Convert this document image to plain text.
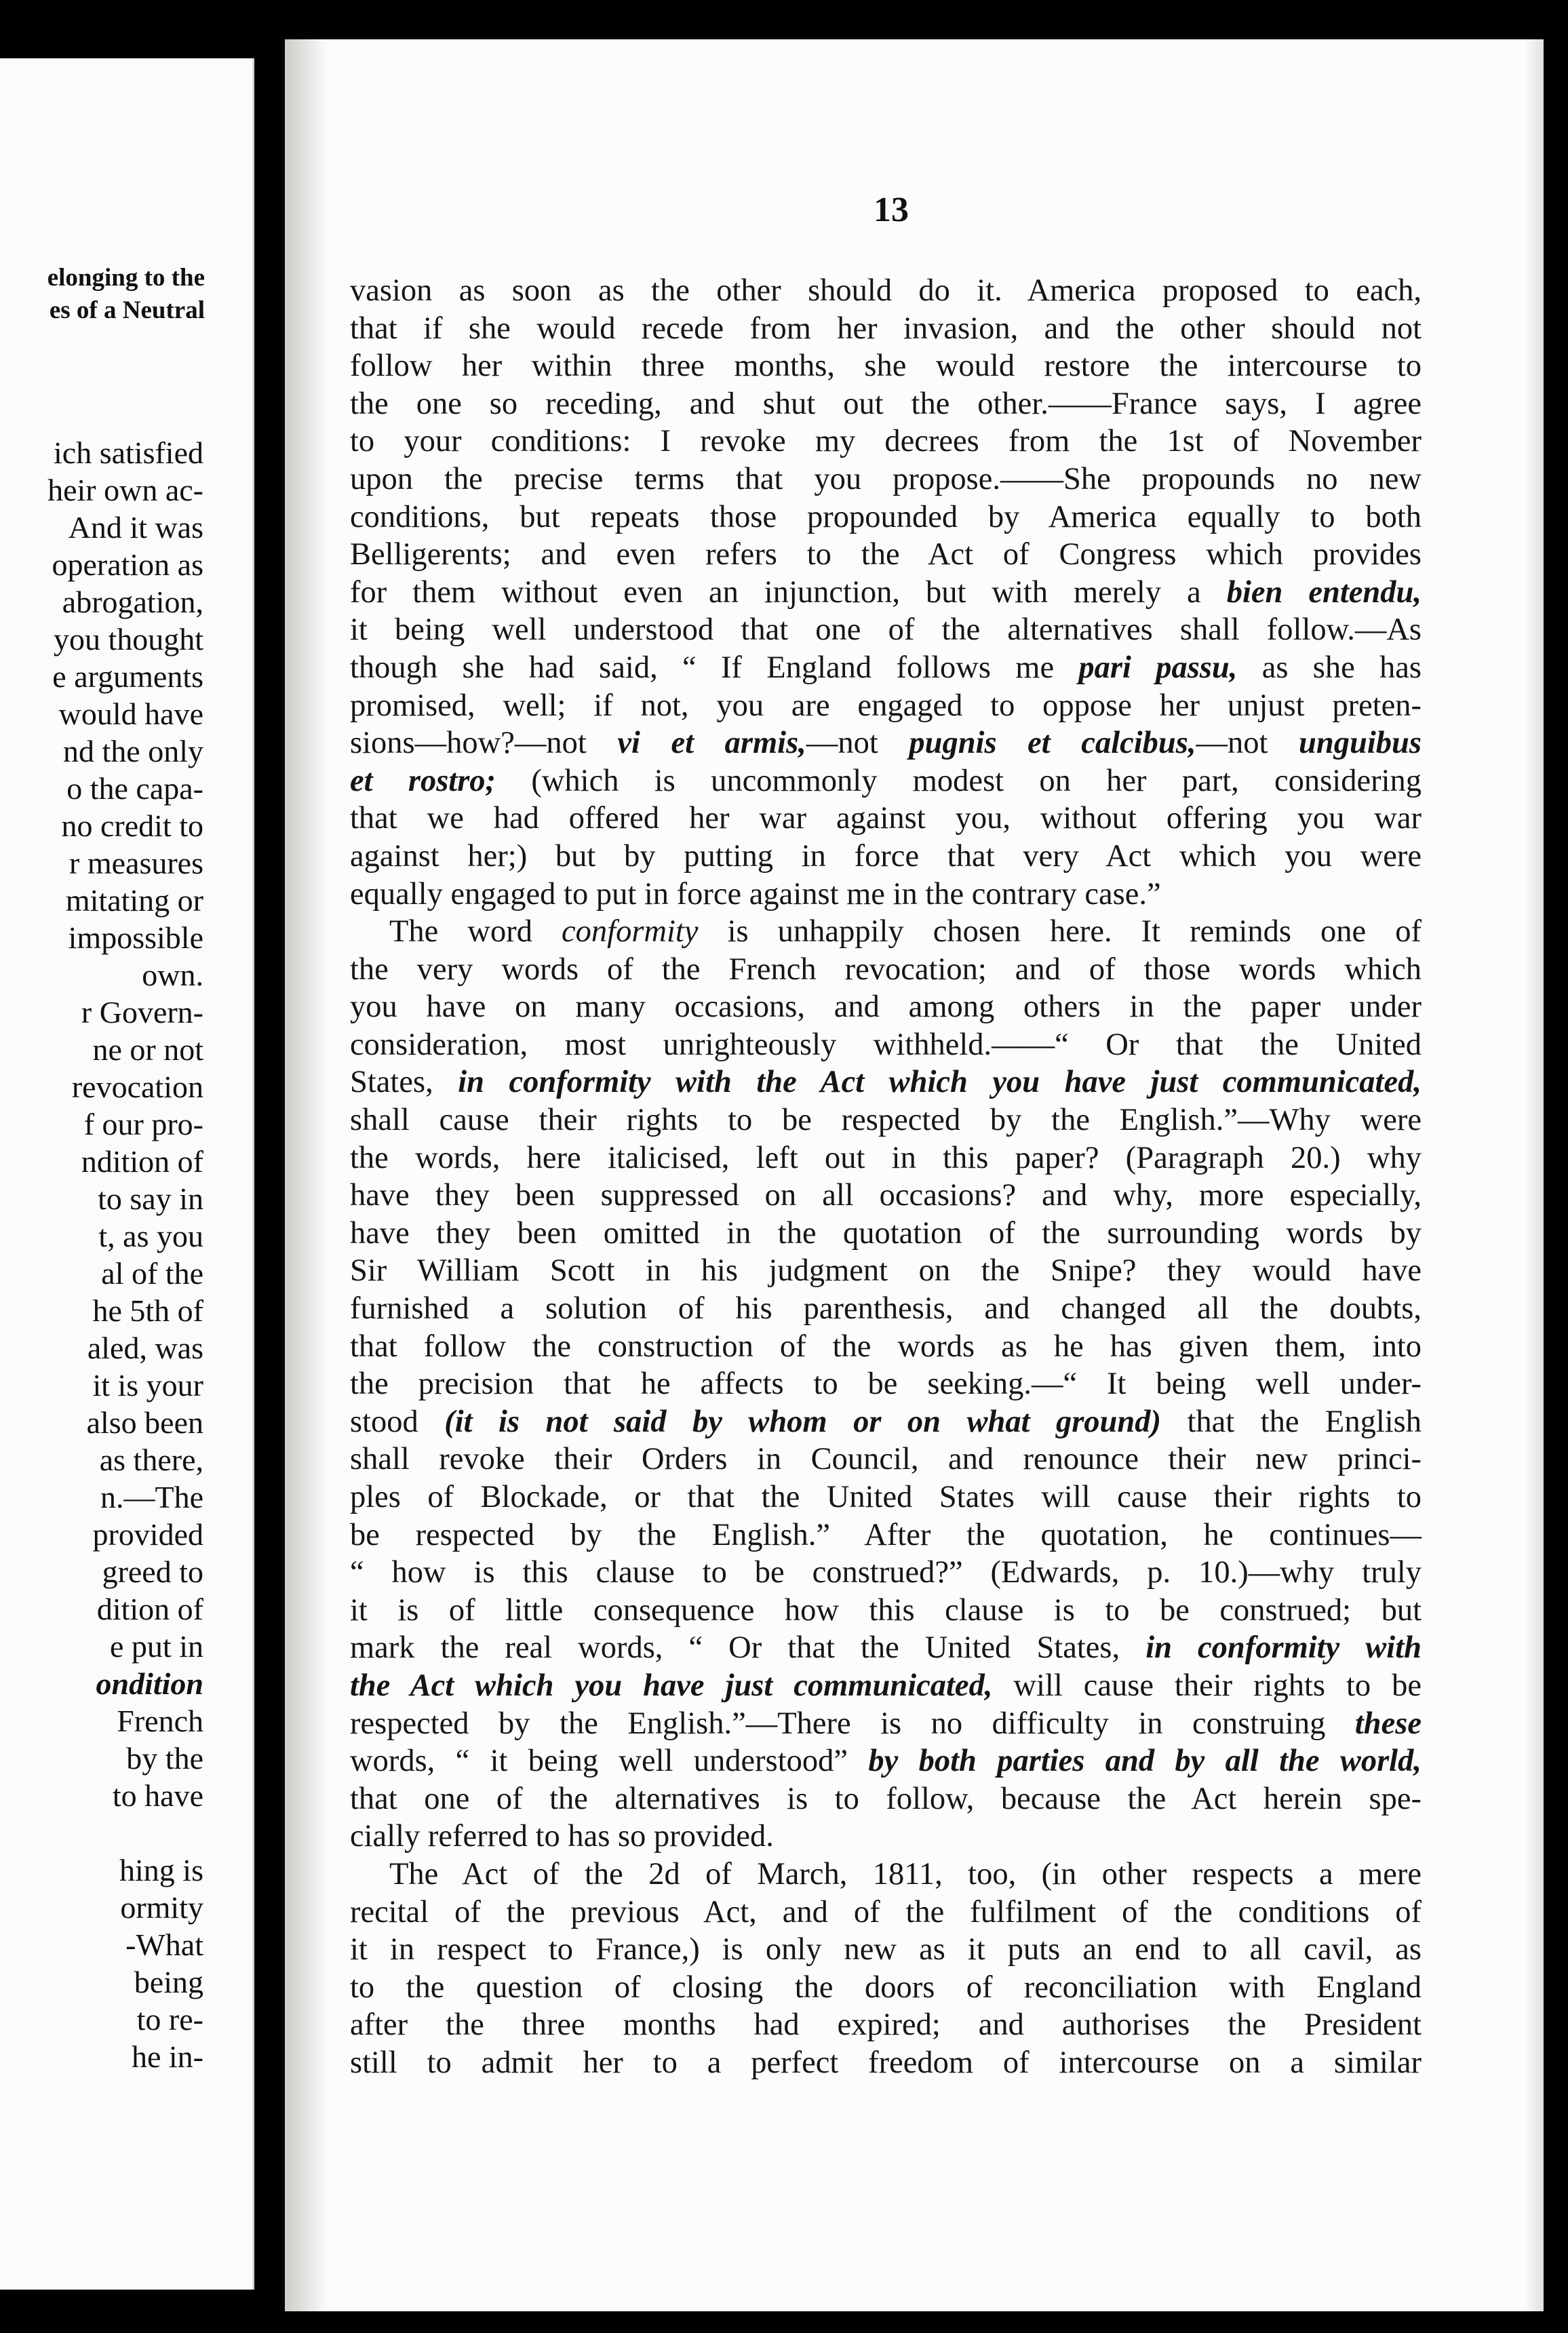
elonging to the
es of a Neutral
ich satisfied
heir own ac-
And it was
operation as
abrogation,
you thought
e arguments
would have
nd the only
o the capa-
no credit to
r measures
mitating or
impossible
own.
r Govern-
ne or not
revocation
f our pro-
ndition of
to say in
t, as you
al of the
he 5th of
aled, was
it is your
also been
as there,
n.—The
provided
greed to
dition of
e put in
ondition
French
by the
to have
hing is
ormity
-What
being
to re-
he in-
13
vasion as soon as the other should do it. America proposed to each,
that if she would recede from her invasion, and the other should not
follow her within three months, she would restore the intercourse to
the one so receding, and shut out the other.——France says, I agree
to your conditions: I revoke my decrees from the 1st of November
upon the precise terms that you propose.——She propounds no new
conditions, but repeats those propounded by America equally to both
Belligerents; and even refers to the Act of Congress which provides
for them without even an injunction, but with merely a bien entendu,
it being well understood that one of the alternatives shall follow.—As
though she had said, “ If England follows me pari passu, as she has
promised, well; if not, you are engaged to oppose her unjust preten-
sions—how?—not vi et armis,—not pugnis et calcibus,—not unguibus
et rostro; (which is uncommonly modest on her part, considering
that we had offered her war against you, without offering you war
against her;) but by putting in force that very Act which you were
equally engaged to put in force against me in the contrary case.”
The word conformity is unhappily chosen here. It reminds one of
the very words of the French revocation; and of those words which
you have on many occasions, and among others in the paper under
consideration, most unrighteously withheld.——“ Or that the United
States, in conformity with the Act which you have just communicated,
shall cause their rights to be respected by the English.”—Why were
the words, here italicised, left out in this paper? (Paragraph 20.) why
have they been suppressed on all occasions? and why, more especially,
have they been omitted in the quotation of the surrounding words by
Sir William Scott in his judgment on the Snipe? they would have
furnished a solution of his parenthesis, and changed all the doubts,
that follow the construction of the words as he has given them, into
the precision that he affects to be seeking.—“ It being well under-
stood (it is not said by whom or on what ground) that the English
shall revoke their Orders in Council, and renounce their new princi-
ples of Blockade, or that the United States will cause their rights to
be respected by the English.” After the quotation, he continues—
“ how is this clause to be construed?” (Edwards, p. 10.)—why truly
it is of little consequence how this clause is to be construed; but
mark the real words, “ Or that the United States, in conformity with
the Act which you have just communicated, will cause their rights to be
respected by the English.”—There is no difficulty in construing these
words, “ it being well understood” by both parties and by all the world,
that one of the alternatives is to follow, because the Act herein spe-
cially referred to has so provided.
The Act of the 2d of March, 1811, too, (in other respects a mere
recital of the previous Act, and of the fulfilment of the conditions of
it in respect to France,) is only new as it puts an end to all cavil, as
to the question of closing the doors of reconciliation with England
after the three months had expired; and authorises the President
still to admit her to a perfect freedom of intercourse on a similar
